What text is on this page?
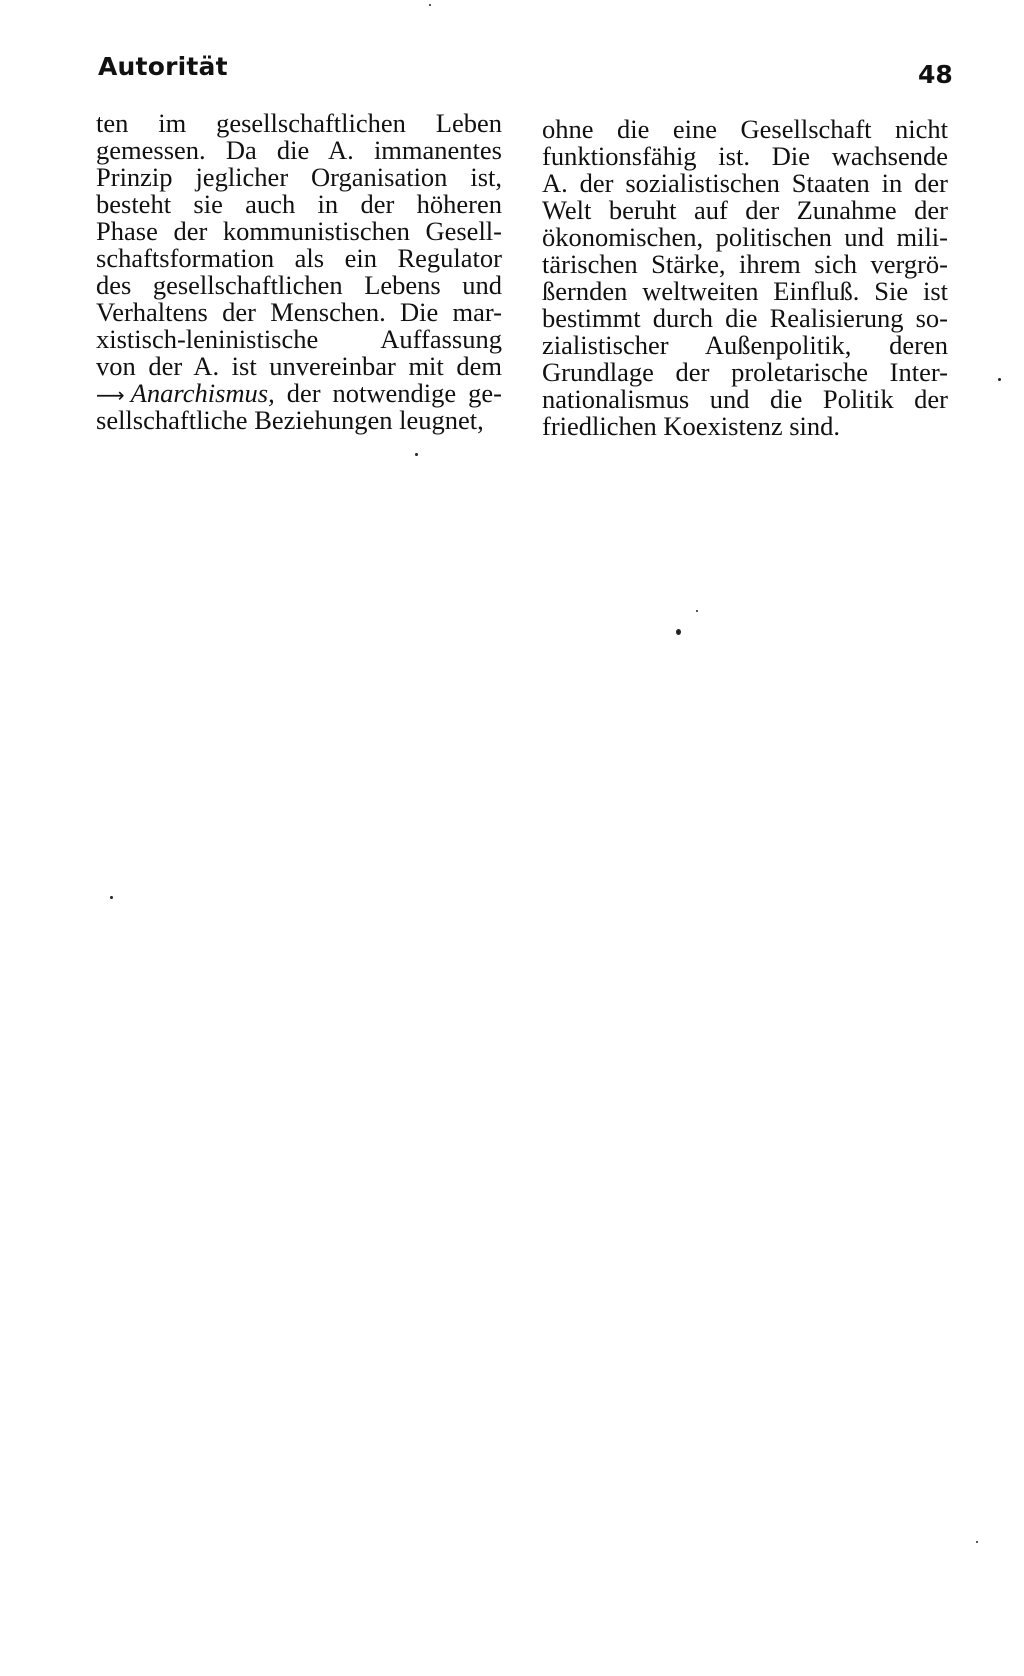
Autorität	48
ten im gesellschaftlichen Leben
gemessen. Da die A. immanentes
Prinzip jeglicher Organisation ist,
besteht sie auch in der höheren
Phase der kommunistischen Gesell-
schaftsformation als ein Regulator
des gesellschaftlichen Lebens und
Verhaltens der Menschen. Die mar-
xistisch-leninistische Auffassung
von der A. ist unvereinbar mit dem
⟶ Anarchismus, der notwendige ge-
sellschaftliche Beziehungen leugnet,
ohne die eine Gesellschaft nicht
funktionsfähig ist. Die wachsende
A. der sozialistischen Staaten in der
Welt beruht auf der Zunahme der
ökonomischen, politischen und mili-
tärischen Stärke, ihrem sich vergrö-
ßernden weltweiten Einfluß. Sie ist
bestimmt durch die Realisierung so-
zialistischer Außenpolitik, deren
Grundlage der proletarische Inter-
nationalismus und die Politik der
friedlichen Koexistenz sind.
